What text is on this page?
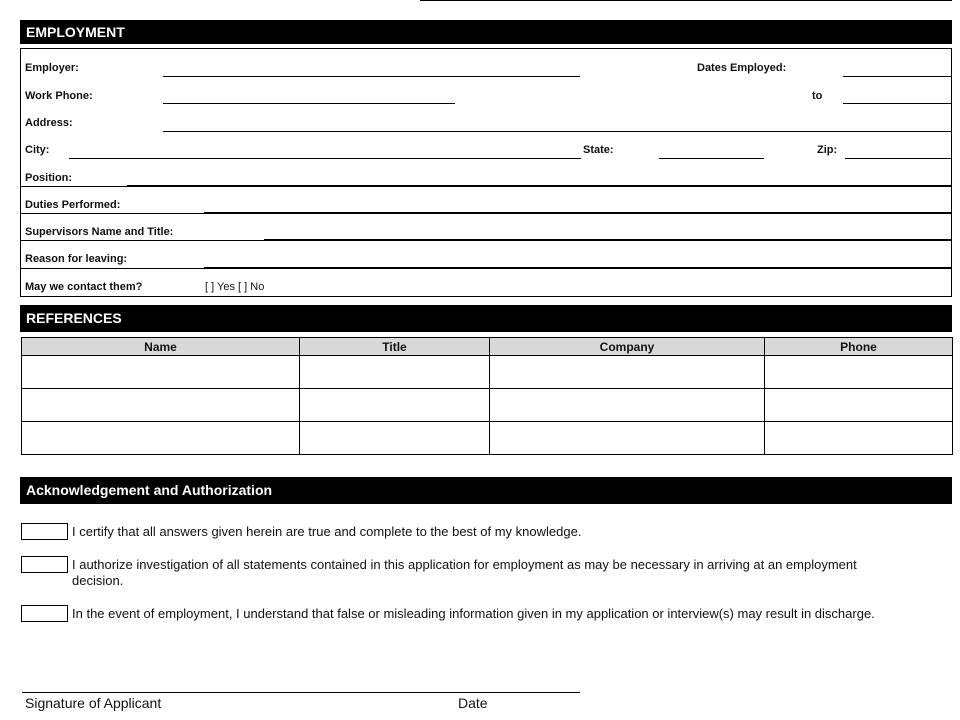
EMPLOYMENT
Employer:	Dates Employed:
Work Phone:	to
Address:
City:	State:	Zip:
Position:
Duties Performed:
Supervisors Name and Title:
Reason for leaving:
May we contact them?	[ ] Yes [ ] No
REFERENCES
Name	Title	Company	Phone

Acknowledgement and Authorization
I certify that all answers given herein are true and complete to the best of my knowledge.
I authorize investigation of all statements contained in this application for employment as may be necessary in arriving at an employment decision.
In the event of employment, I understand that false or misleading information given in my application or interview(s) may result in discharge.
Signature of Applicant	Date
